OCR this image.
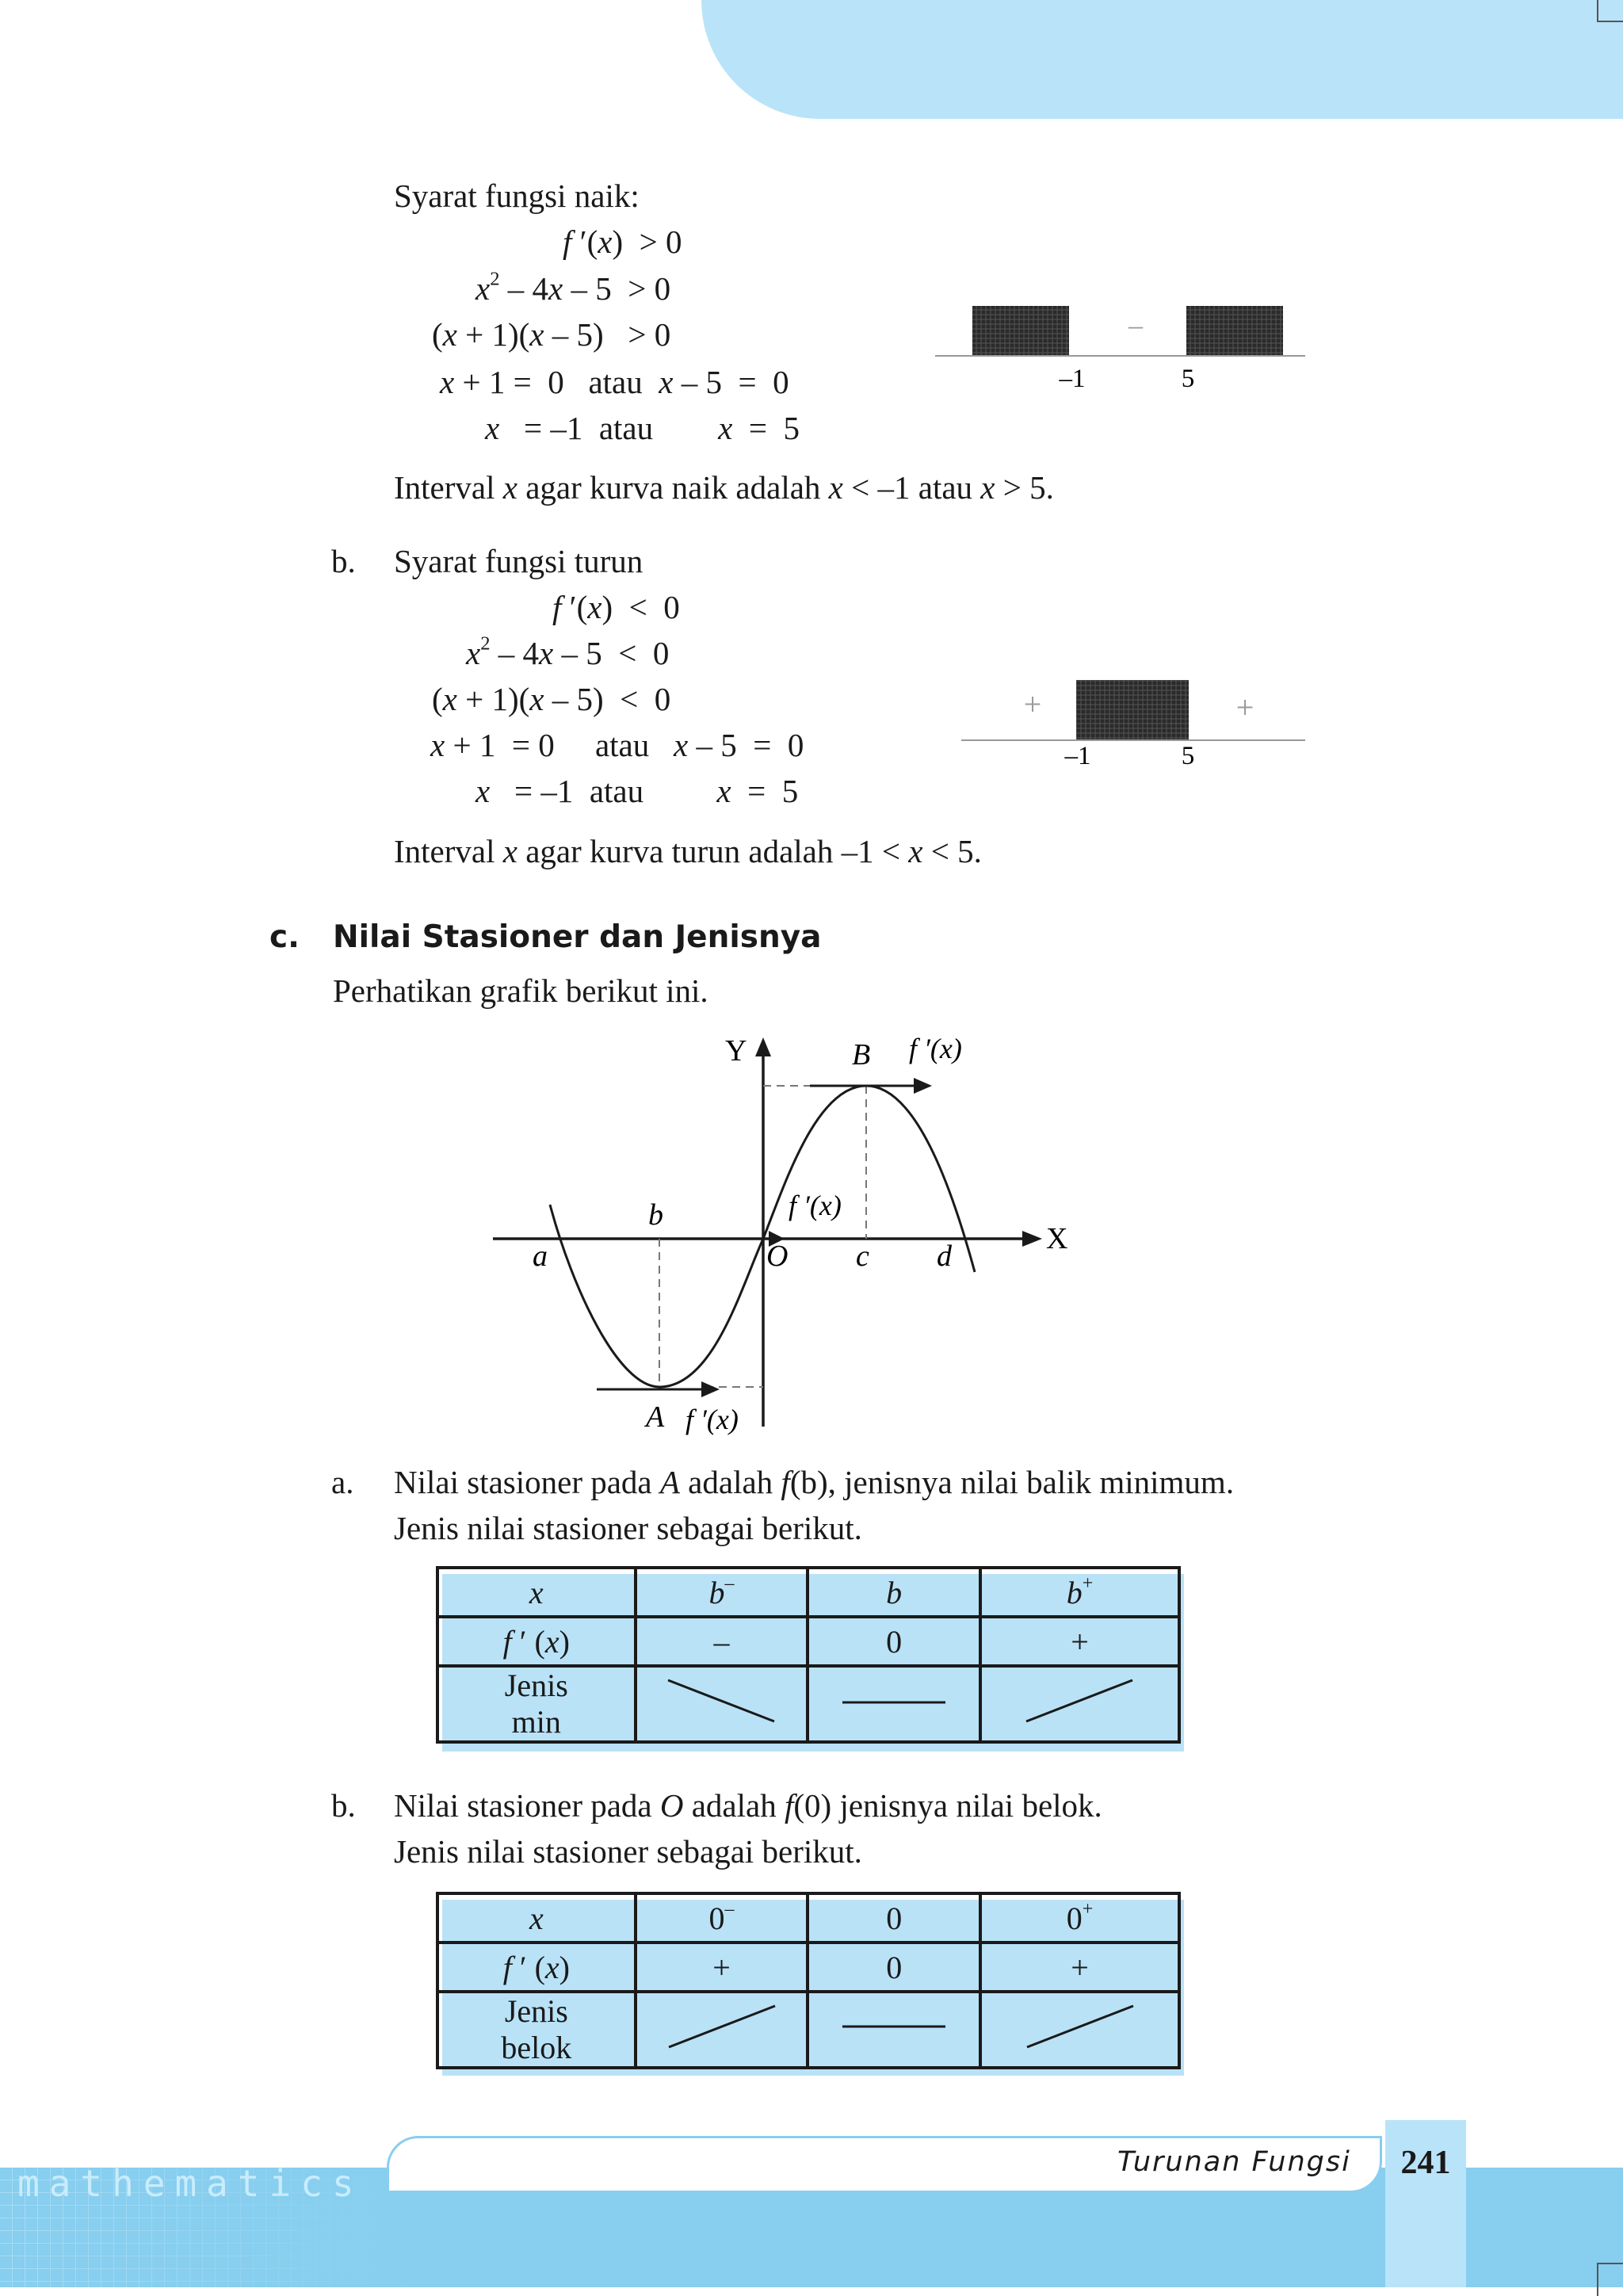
Syarat fungsi naik:
f ′(x)  > 0
$x^2 - 4x - 5 > 0$
(x + 1)(x – 5)   > 0
x + 1 =  0   atau  x – 5  =  0
x   = –1  atau        x  =  5
–
–1	5
Interval x agar kurva naik adalah x < –1 atau x > 5.
b. Syarat fungsi turun
f ′(x)  <  0
$x^2 - 4x - 5 < 0$
(x + 1)(x – 5)  <  0
x + 1  = 0     atau   x – 5  =  0
x   = –1  atau         x  =  5
+	+
–1	5
Interval x agar kurva turun adalah –1 < x < 5.
c. Nilai Stasioner dan Jenisnya
Perhatikan grafik berikut ini.
Y
X
B f ′(x)
b
a	O c d
f ′(x)
A f ′(x)
a. Nilai stasioner pada A adalah f(b), jenisnya nilai balik minimum.
Jenis nilai stasioner sebagai berikut.
x	b–	b	b+
f ′ (x)	–	0	+
Jenis
min			
b. Nilai stasioner pada O adalah f(0) jenisnya nilai belok.
Jenis nilai stasioner sebagai berikut.
x	0–	0	0+
f ′ (x)	+	0	+
Jenis
belok			
mathematics	Turunan Fungsi	241
